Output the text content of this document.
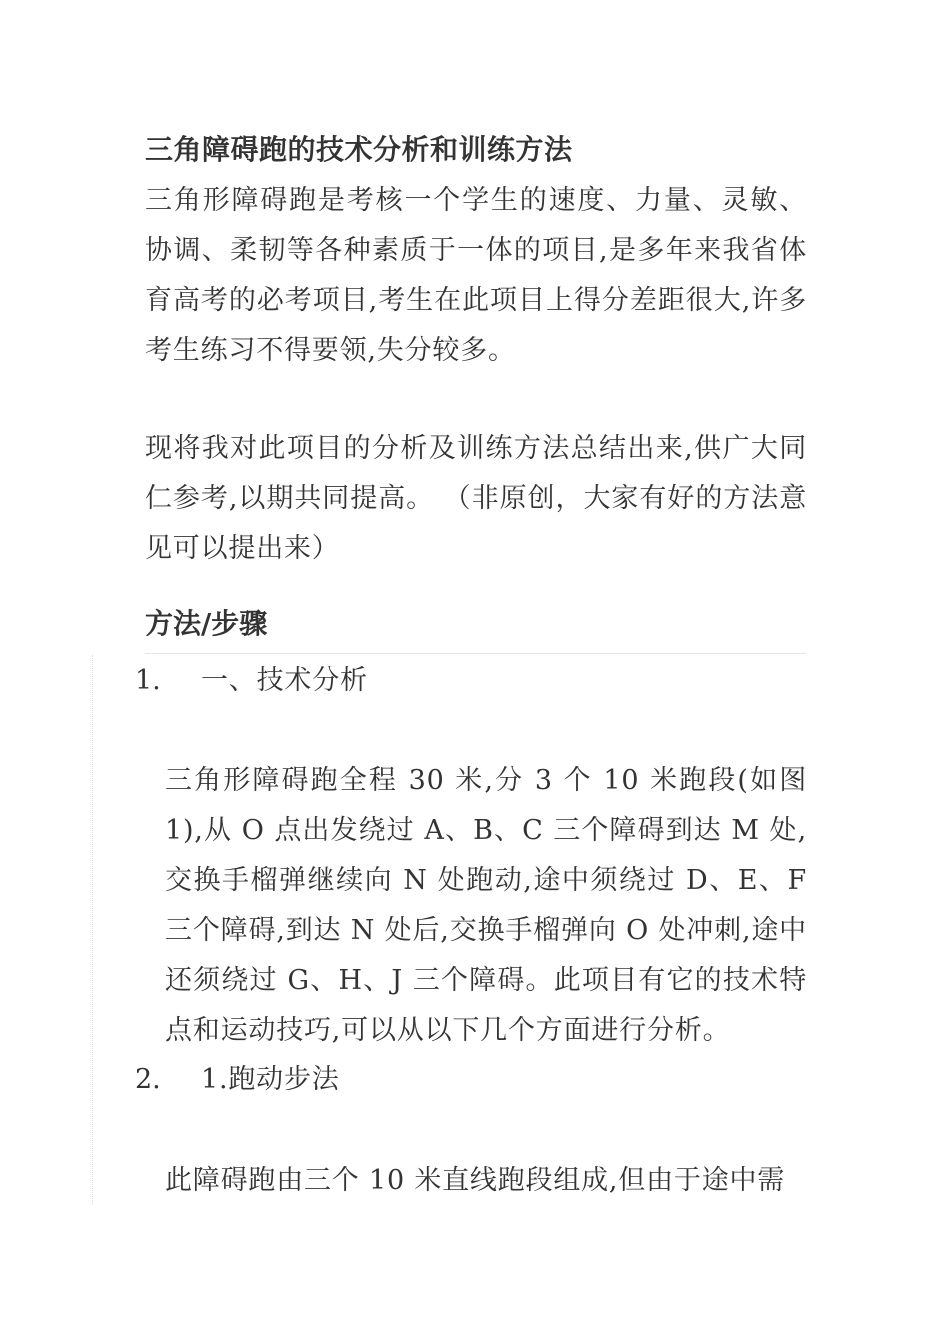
三角障碍跑的技术分析和训练方法

三角形障碍跑是考核一个学生的速度、力量、灵敏、协调、柔韧等各种素质于一体的项目,是多年来我省体育高考的必考项目,考生在此项目上得分差距很大,许多考生练习不得要领,失分较多。

现将我对此项目的分析及训练方法总结出来,供广大同仁参考,以期共同提高。 （非原创，大家有好的方法意见可以提出来）

方法/步骤
1. 一、技术分析

三角形障碍跑全程 30 米,分 3 个 10 米跑段(如图 1),从 O 点出发绕过 A、B、C 三个障碍到达 M 处,交换手榴弹继续向 N 处跑动,途中须绕过 D、E、F 三个障碍,到达 N 处后,交换手榴弹向 O 处冲刺,途中还须绕过 G、H、J 三个障碍。此项目有它的技术特点和运动技巧,可以从以下几个方面进行分析。

2. 1.跑动步法

此障碍跑由三个 10 米直线跑段组成,但由于途中需
